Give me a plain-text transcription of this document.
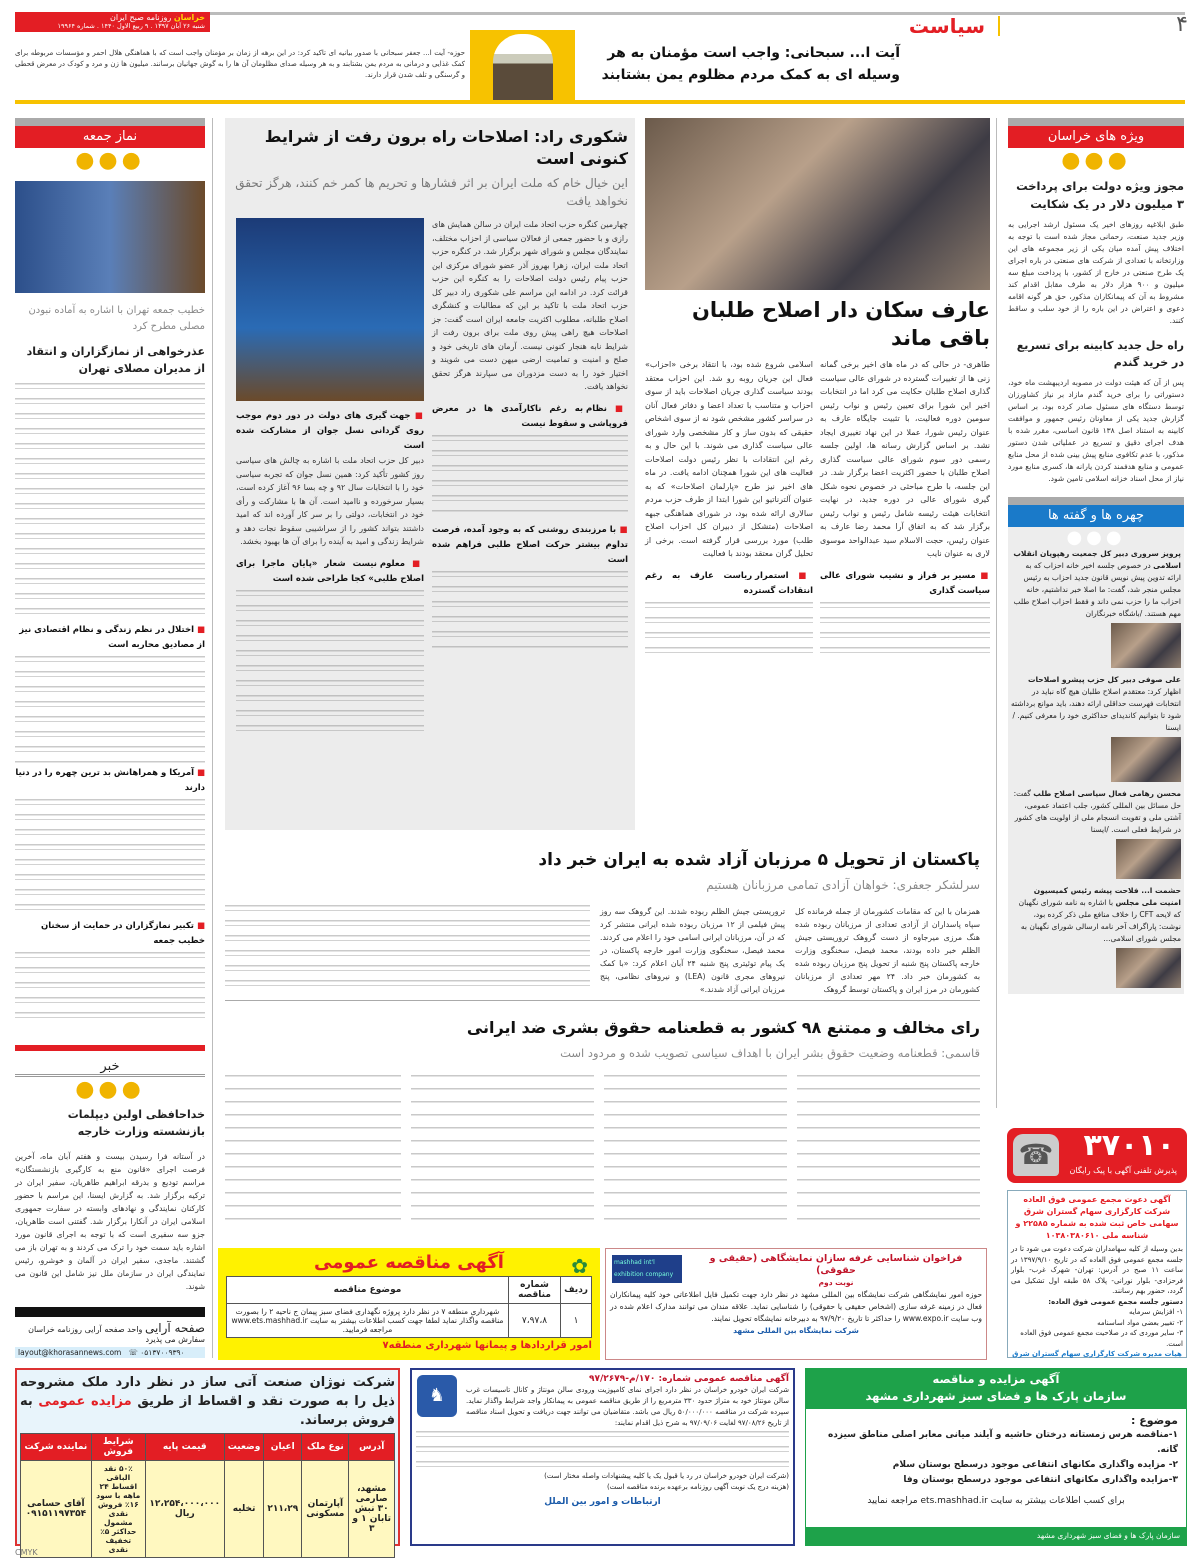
۴
سیاست
خراسان روزنامه صبح ایران
شنبه ۲۶ آبان ۱۳۹۷ . ۹ ربیع الاول ۱۴۴۰ . شماره ۱۹۹۶۴
آیت ا... سبحانی: واجب است مؤمنان به هر وسیله ای به کمک مردم مظلوم یمن بشتابند
حوزه- آیت ا... جعفر سبحانی با صدور بیانیه ای تاکید کرد: در این برهه از زمان بر مؤمنان واجب است که با هماهنگی هلال احمر و مؤسسات مربوطه برای کمک غذایی و درمانی به مردم یمن بشتابند و به هر وسیله صدای مظلومان آن ها را به گوش جهانیان برسانند. میلیون ها زن و مرد و کودک در معرض قحطی و گرسنگی و تلف شدن قرار دارند.
ویژه های خراسان
●●●
مجوز ویژه دولت برای پرداخت ۳ میلیون دلار در یک شکایت
طبق ابلاغیه روزهای اخیر یک مسئول ارشد اجرایی به وزیر جدید صنعت، رحمانی مجاز شده است با توجه به اختلاف پیش آمده میان یکی از زیر مجموعه های این وزارتخانه با تعدادی از شرکت های صنعتی در باره اجرای یک طرح صنعتی در خارج از کشور، با پرداخت مبلغ سه میلیون و ۹۰۰ هزار دلار به طرف مقابل اقدام کند مشروط به آن که پیمانکاران مذکور، حق هر گونه اقامه دعوی و اعتراض در این باره را از خود سلب و ساقط کنند.
راه حل جدید کابینه برای تسریع در خرید گندم
پس از آن که هیئت دولت در مصوبه اردیبهشت ماه خود، دستوراتی را برای خرید گندم مازاد بر نیاز کشاورزان توسط دستگاه های مسئول صادر کرده بود، بر اساس گزارش جدید یکی از معاونان رئیس جمهور و موافقت کابینه به استناد اصل ۱۳۸ قانون اساسی، مقرر شده با هدف اجرای دقیق و تسریع در عملیاتی شدن دستور مذکور، با عدم تکافوی منابع پیش بینی شده از محل منابع عمومی و منابع هدفمند کردن یارانه ها، کسری منابع مورد نیاز از محل اسناد خزانه اسلامی تامین شود.
چهره ها و گفته ها
●●●
پرویز سروری دبیر کل جمعیت رهپویان انقلاب اسلامی در خصوص جلسه اخیر خانه احزاب که به ارائه تدوین پیش نویس قانون جدید احزاب به رئیس مجلس منجر شد، گفت: ما اصلا خبر نداشتیم، خانه احزاب ما را حزب نمی داند و فقط احزاب اصلاح طلب مهم هستند. /باشگاه خبرنگاران
علی صوفی دبیر کل حزب پیشرو اصلاحات اظهار کرد: معتقدم اصلاح طلبان هیچ گاه نباید در انتخابات فهرست حداقلی ارائه دهند، باید موانع برداشته شود تا بتوانیم کاندیدای حداکثری خود را معرفی کنیم. / ایسنا
محسن رهامی فعال سیاسی اصلاح طلب گفت: حل مسائل بین المللی کشور، جلب اعتماد عمومی، آشتی ملی و تقویت انسجام ملی از اولویت های کشور در شرایط فعلی است. /ایسنا
حشمت ا... فلاحت پیشه رئیس کمیسیون امنیت ملی مجلس با اشاره به نامه شورای نگهبان که لایحه CFT را خلاف منافع ملی ذکر کرده بود، نوشت: پاراگراف آخر نامه ارسالی شورای نگهبان به مجلس شورای اسلامی...
عارف سکان دار اصلاح طلبان باقی ماند
طاهری- در حالی که در ماه های اخیر برخی گمانه زنی ها از تغییرات گسترده در شورای عالی سیاست گذاری اصلاح طلبان حکایت می کرد اما در انتخابات اخیر این شورا برای تعیین رئیس و نواب رئیس سومین دوره فعالیت، با تثبیت جایگاه عارف به عنوان رئیس شورا، عملا در این نهاد تغییری ایجاد نشد. بر اساس گزارش رسانه ها، اولین جلسه رسمی دور سوم شورای عالی سیاست گذاری اصلاح طلبان با حضور اکثریت اعضا برگزار شد. در این جلسه، با طرح مباحثی در خصوص نحوه شکل گیری شورای عالی در دوره جدید، در نهایت انتخابات هیئت رئیسه شامل رئیس و نواب رئیس برگزار شد که به اتفاق آرا محمد رضا عارف به عنوان رئیس، حجت الاسلام سید عبدالواحد موسوی لاری به عنوان نایب
■ مسیر بر فراز و نشیب شورای عالی سیاست گذاری
اسلامی شروع شده بود، با انتقاد برخی «احزاب» فعال این جریان روبه رو شد. این احزاب معتقد بودند سیاست گذاری جریان اصلاحات باید از سوی احزاب و متناسب با تعداد اعضا و دفاتر فعال آنان در سراسر کشور مشخص شود نه از سوی اشخاص حقیقی که بدون ساز و کار مشخصی وارد شورای عالی سیاست گذاری می شوند. با این حال و به رغم این انتقادات با نظر رئیس دولت اصلاحات فعالیت های این شورا همچنان ادامه یافت. در ماه های اخیر نیز طرح «پارلمان اصلاحات» که به عنوان آلترناتیو این شورا ابتدا از طرف حزب مردم سالاری ارائه شده بود، در شورای هماهنگی جبهه اصلاحات (متشکل از دبیران کل احزاب اصلاح طلب) مورد بررسی قرار گرفته است. برخی از تحلیل گران معتقد بودند با فعالیت
■ استمرار ریاست عارف به رغم انتقادات گسترده
شکوری راد: اصلاحات راه برون رفت از شرایط کنونی است
این خیال خام که ملت ایران بر اثر فشارها و تحریم ها کمر خم کنند، هرگز تحقق نخواهد یافت
چهارمین کنگره حزب اتحاد ملت ایران در سالن همایش های رازی و با حضور جمعی از فعالان سیاسی از احزاب مختلف، نمایندگان مجلس و شورای شهر برگزار شد. در کنگره حزب اتحاد ملت ایران، زهرا بهروز آذر عضو شورای مرکزی این حزب پیام رئیس دولت اصلاحات را به کنگره این حزب قرائت کرد. در ادامه این مراسم علی شکوری راد دبیر کل حزب اتحاد ملت با تاکید بر این که مطالبات و کنشگری اصلاح طلبانه، مطلوب اکثریت جامعه ایران است گفت: جز اصلاحات هیچ راهی پیش روی ملت برای برون رفت از شرایط نابه هنجار کنونی نیست. آرمان های تاریخی خود و صلح و امنیت و تمامیت ارضی میهن دست می شویند و اختیار خود را به دست مزدوران می سپارند هرگز تحقق نخواهد یافت.
■ نظام به رغم ناکارآمدی ها در معرض فروپاشی و سقوط نیست
■ با مرزبندی روشنی که به وجود آمده، فرصت تداوم بیشتر حرکت اصلاح طلبی فراهم شده است
■ جهت گیری های دولت در دور دوم موجب روی گردانی نسل جوان از مشارکت شده است
دبیر کل حزب اتحاد ملت با اشاره به چالش های سیاسی روز کشور تأکید کرد: همین نسل جوان که تجربه سیاسی خود را با انتخابات سال ۹۲ و چه بسا ۹۶ آغاز کرده است، بسیار سرخورده و ناامید است. آن ها با مشارکت و رأی خود در انتخابات، دولتی را بر سر کار آورده اند که امید داشتند بتواند کشور را از سراشیبی سقوط نجات دهد و شرایط زندگی و امید به آینده را برای آن ها بهبود بخشد.
■ معلوم نیست شعار «پایان ماجرا برای اصلاح طلبی» کجا طراحی شده است
نماز جمعه
●●●
خطیب جمعه تهران با اشاره به آماده نبودن مصلی مطرح کرد
عذرخواهی از نمازگزاران و انتقاد از مدیران مصلای تهران
■ اختلال در نظم زندگی و نظام اقتصادی نیز از مصادیق محاربه است
■ آمریکا و همراهانش بد ترین چهره را در دنیا دارند
■ تکبیر نمازگزاران در حمایت از سخنان خطیب جمعه
خبر
●●●
خداحافظی اولین دیپلمات بازنشسته وزارت خارجه
در آستانه فرا رسیدن بیست و هفتم آبان ماه، آخرین فرصت اجرای «قانون منع به کارگیری بازنشستگان» مراسم تودیع و بدرقه ابراهیم طاهریان، سفیر ایران در ترکیه برگزار شد. به گزارش ایسنا، این مراسم با حضور کارکنان نمایندگی و نهادهای وابسته در سفارت جمهوری اسلامی ایران در آنکارا برگزار شد. گفتنی است طاهریان، جزو سه سفیری است که با توجه به اجرای قانون مورد اشاره باید سمت خود را ترک می کردند و به تهران باز می گشتند. ماجدی، سفیر ایران در آلمان و خوشرو، رئیس نمایندگی ایران در سازمان ملل نیز شامل این قانون می شوند.
صفحه آرایی واحد صفحه آرایی روزنامه خراسان سفارش می پذیرد
layout@khorasannews.com   ☏ ۰۵۱۳۷۰۰۹۳۹۰
پاکستان از تحویل ۵ مرزبان آزاد شده به ایران خبر داد
سرلشکر جعفری: خواهان آزادی تمامی مرزبانان هستیم
همزمان با این که مقامات کشورمان از جمله فرمانده کل سپاه پاسداران از آزادی تعدادی از مرزبانان ربوده شده هنگ مرزی میرجاوه از دست گروهک تروریستی جیش الظلم خبر داده بودند، محمد فیصل، سخنگوی وزارت خارجه پاکستان پنج شنبه از تحویل پنج مرزبان ربوده شده به کشورمان خبر داد. ۲۴ مهر تعدادی از مرزبانان کشورمان در مرز ایران و پاکستان توسط گروهک
تروریستی جیش الظلم ربوده شدند. این گروهک سه روز پیش فیلمی از ۱۲ مرزبان ربوده شده ایرانی منتشر کرد که در آن، مرزبانان ایرانی اسامی خود را اعلام می کردند. محمد فیصل، سخنگوی وزارت امور خارجه پاکستان، در یک پیام توئیتری پنج شنبه ۲۴ آبان اعلام کرد: «با کمک نیروهای مجری قانون (LEA) و نیروهای نظامی، پنج مرزبان ایرانی آزاد شدند.»
رای مخالف و ممتنع ۹۸ کشور به قطعنامه حقوق بشری ضد ایرانی
قاسمی: قطعنامه وضعیت حقوق بشر ایران با اهداف سیاسی تصویب شده و مردود است
☎ ۳۷۰۱۰
پذیرش تلفنی آگهی با پیک رایگان
آگهی دعوت مجمع عمومی فوق العاده شرکت کارگزاری سهام گستران شرق سهامی خاص ثبت شده به شماره ۲۲۵۸۵ و شناسه ملی ۱۰۳۸۰۳۸۰۶۱۰
بدین وسیله از کلیه سهامداران شرکت دعوت می شود تا در جلسه مجمع عمومی فوق العاده که در تاریخ ۱۳۹۷/۹/۱۰ در ساعت ۱۱ صبح در آدرس: تهران- شهرک غرب- بلوار فرحزادی- بلوار نورانی- پلاک ۵۸ طبقه اول تشکیل می گردد، حضور بهم رسانند.
دستور جلسه مجمع عمومی فوق العاده:
۱- افزایش سرمایه
۲- تغییر بعضی مواد اساسنامه
۳- سایر موردی که در صلاحیت مجمع عمومی فوق العاده است.
هیات مدیره شرکت کارگزاری سهام گستران شرق
✿
آگهی مناقصه عمومی
ردیف	شماره مناقصه	موضوع مناقصه
۱	۷،۹۷،۸	شهرداری منطقه ۷ در نظر دارد پروژه نگهداری فضای سبز پیمان ج ناحیه ۲ را بصورت مناقصه واگذار نماید لطفا جهت کسب اطلاعات بیشتر به سایت www.ets.mashhad.ir مراجعه فرمایید.
امور قراردادها و پیمانها شهرداری منطقه۷
mashhad int'l exhibition company
فراخوان شناسایی غرفه سازان نمایشگاهی (حقیقی و حقوقی)
نوبت دوم
حوزه امور نمایشگاهی شرکت نمایشگاه بین المللی مشهد در نظر دارد جهت تکمیل فایل اطلاعاتی خود کلیه پیمانکاران فعال در زمینه غرفه سازی (اشخاص حقیقی یا حقوقی) را شناسایی نماید. علاقه مندان می توانند مدارک اعلام شده در وب سایت www.expo.ir را حداکثر تا تاریخ ۹۷/۹/۲۰ به دبیرخانه نمایشگاه تحویل نمایند.
شرکت نمایشگاه بین المللی مشهد
شرکت نوژان صنعت آتی ساز در نظر دارد ملک مشروحه ذیل را به صورت نقد و اقساط از طریق مزایده عمومی به فروش برساند.
آدرس	نوع ملک	اعیان	وضعیت	قیمت پایه	شرایط فروش	نماینده شرکت
مشهد، صارمی ۳۰ نبش تابان ۱ و ۳	آپارتمان مسکونی	۲۱۱،۲۹	تخلیه	۱۲،۲۵۴،۰۰۰،۰۰۰ ریال	۵۰٪ نقد الباقی اقساط ۲۴ ماهه با سود ۱۶٪ فروش نقدی مشمول حداکثر ۵٪ تخفیف نقدی	آقای حسامی ۰۹۱۵۱۱۹۷۳۵۴
♞
آگهی مناقصه عمومی شماره: ۱۷۰/م-۹۷/۲۶۷۹
شرکت ایران خودرو خراسان در نظر دارد اجرای نمای کامپوزیت ورودی سالن مونتاژ و کانال تاسیسات غرب سالن مونتاژ خود به متراژ حدود ۳۳۰ مترمربع را از طریق مناقصه عمومی به پیمانکار واجد شرایط واگذار نماید. سپرده شرکت در مناقصه ۵۰/۰۰۰/۰۰۰ ریال می باشد. متقاضیان می توانند جهت دریافت و تحویل اسناد مناقصه از تاریخ ۹۷/۰۸/۲۶ لغایت ۹۷/۰۹/۰۶ به شرح ذیل اقدام نمایند:
(شرکت ایران خودرو خراسان در رد یا قبول یک یا کلیه پیشنهادات واصله مختار است)
(هزینه درج یک نوبت آگهی روزنامه برعهده برنده مناقصه است)
ارتباطات و امور بین الملل
آگهی مزایده و مناقصه
سازمان پارک ها و فضای سبز شهرداری مشهد
موضوع :
۱-مناقصه هرس زمستانه درختان حاشیه و آیلند میانی معابر اصلی مناطق سیزده گانه.
۲- مزایده واگذاری مکانهای انتفاعی موجود درسطح بوستان سلام
۳-مزایده واگذاری مکانهای انتفاعی موجود درسطح بوستان وفا
برای کسب اطلاعات بیشتر به سایت ets.mashhad.ir مراجعه نمایید
سازمان پارک ها و فضای سبز شهرداری مشهد
CMYK
